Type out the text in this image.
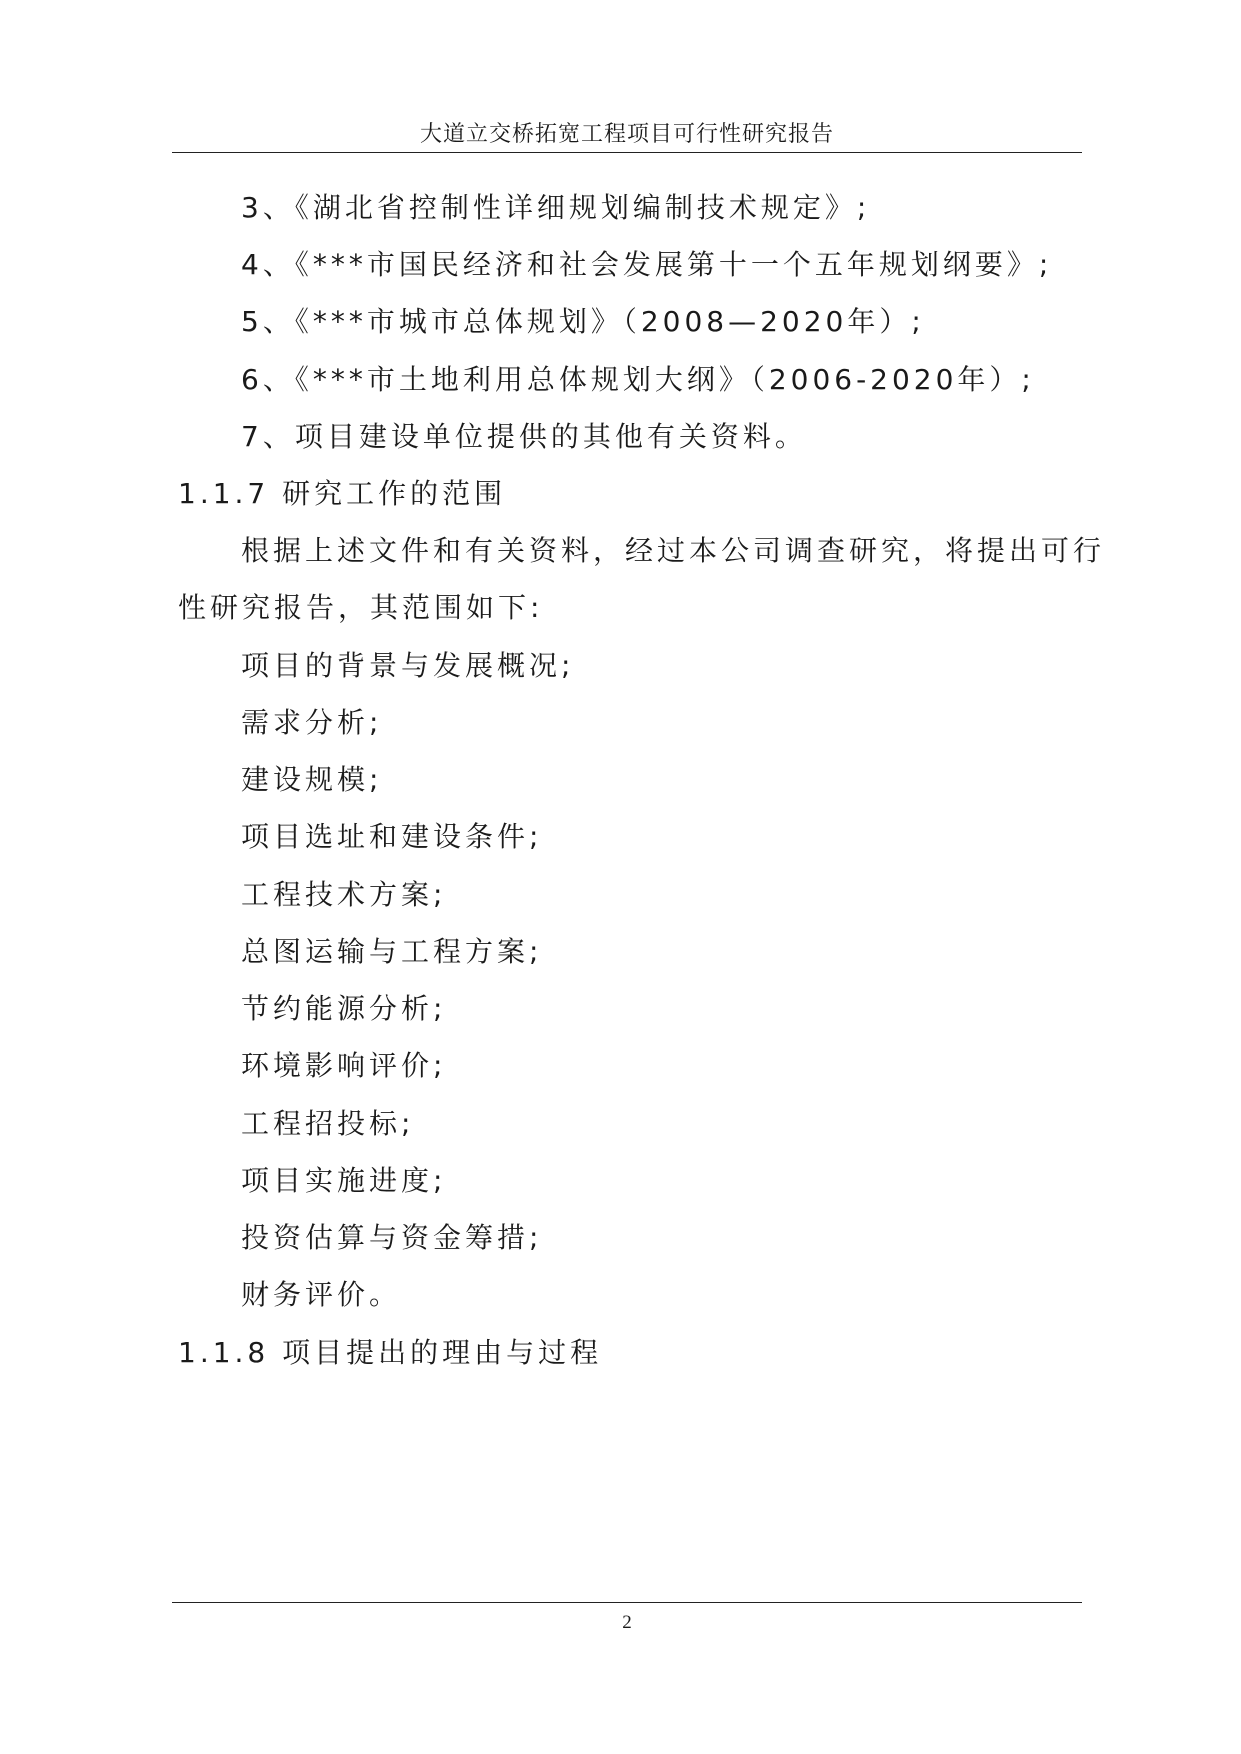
大道立交桥拓宽工程项目可行性研究报告
3、《湖北省控制性详细规划编制技术规定》;
4、《***市国民经济和社会发展第十一个五年规划纲要》;
5、《***市城市总体规划》（2008—2020年）;
6、《***市土地利用总体规划大纲》（2006-2020年）;
7、项目建设单位提供的其他有关资料。
1.1.7 研究工作的范围
根据上述文件和有关资料，经过本公司调查研究，将提出可行
性研究报告，其范围如下:
项目的背景与发展概况;
需求分析;
建设规模;
项目选址和建设条件;
工程技术方案;
总图运输与工程方案;
节约能源分析;
环境影响评价;
工程招投标;
项目实施进度;
投资估算与资金筹措;
财务评价。
1.1.8 项目提出的理由与过程
2
